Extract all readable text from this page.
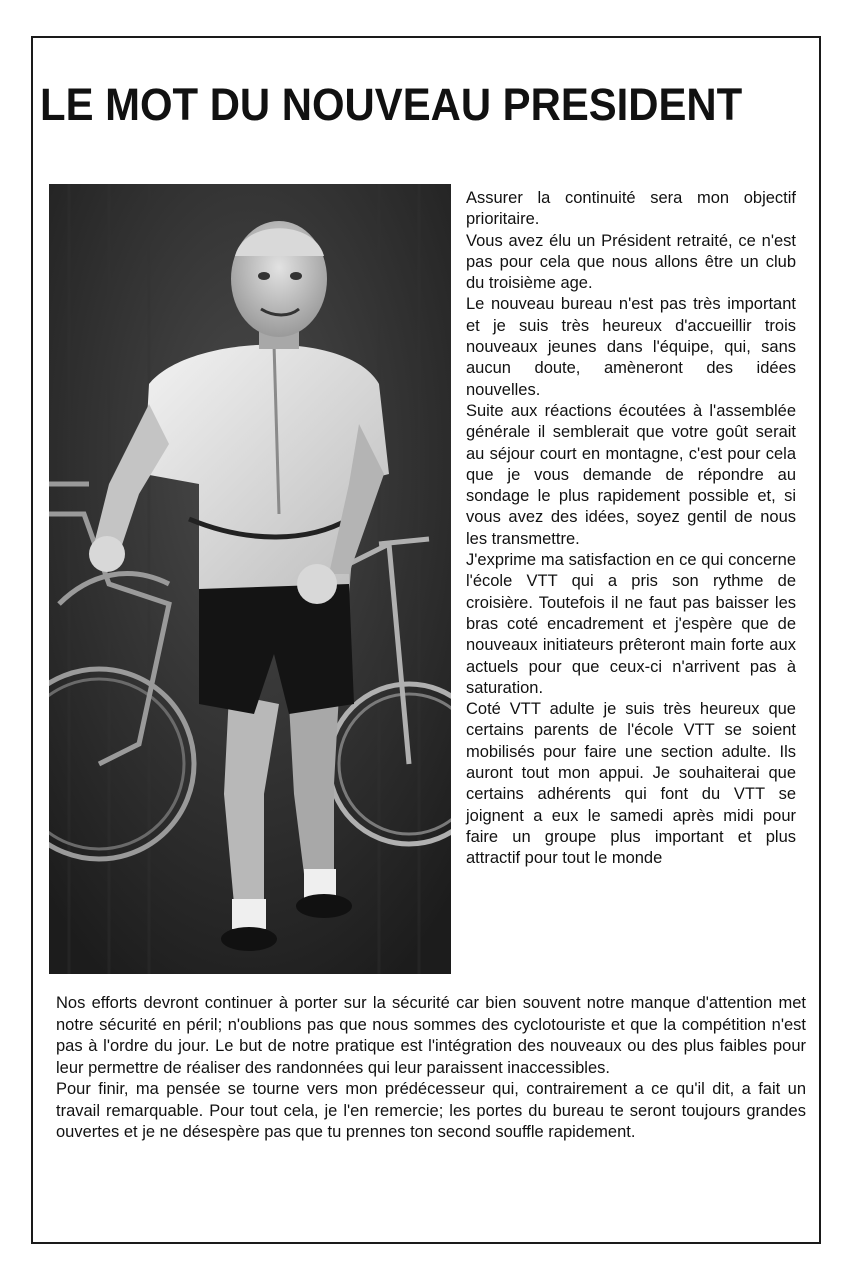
LE MOT DU NOUVEAU PRESIDENT

Assurer la continuité sera mon objectif prioritaire.

Vous avez élu un Président retraité, ce n'est pas pour cela que nous allons être un club du troisième age.

Le nouveau bureau n'est pas très important et je suis très heureux d'accueillir trois nouveaux jeunes dans l'équipe, qui, sans aucun doute, amèneront des idées nouvelles.

Suite aux réactions écoutées à l'assemblée générale il semblerait que votre goût serait au séjour court en montagne, c'est pour cela que je vous demande de répondre au sondage le plus rapidement possible et, si vous avez des idées, soyez gentil de nous les transmettre.

J'exprime ma satisfaction en ce qui concerne l'école VTT qui a pris son rythme de croisière. Toutefois il ne faut pas baisser les bras coté encadrement et j'espère que de nouveaux initiateurs prêteront main forte aux actuels pour que ceux-ci n'arrivent pas à saturation.

Coté VTT adulte je suis très heureux que certains parents de l'école VTT se soient mobilisés pour faire une section adulte. Ils auront tout mon appui. Je souhaiterai que certains adhérents qui font du VTT se joignent a eux le samedi après midi pour faire un groupe plus important et plus attractif pour tout le monde

Nos efforts devront continuer à porter sur la sécurité car bien souvent notre manque d'attention met notre sécurité en péril; n'oublions pas que nous sommes des cyclotouriste et que la compétition n'est pas à l'ordre du jour. Le but de notre pratique est l'intégration des nouveaux ou des plus faibles pour leur permettre de réaliser des randonnées qui leur paraissent inaccessibles.

Pour finir, ma pensée se tourne vers mon prédécesseur qui, contrairement a ce qu'il dit, a fait un travail remarquable. Pour tout cela, je l'en remercie; les portes du bureau te seront toujours grandes ouvertes et je ne désespère pas que tu prennes ton second souffle rapidement.
